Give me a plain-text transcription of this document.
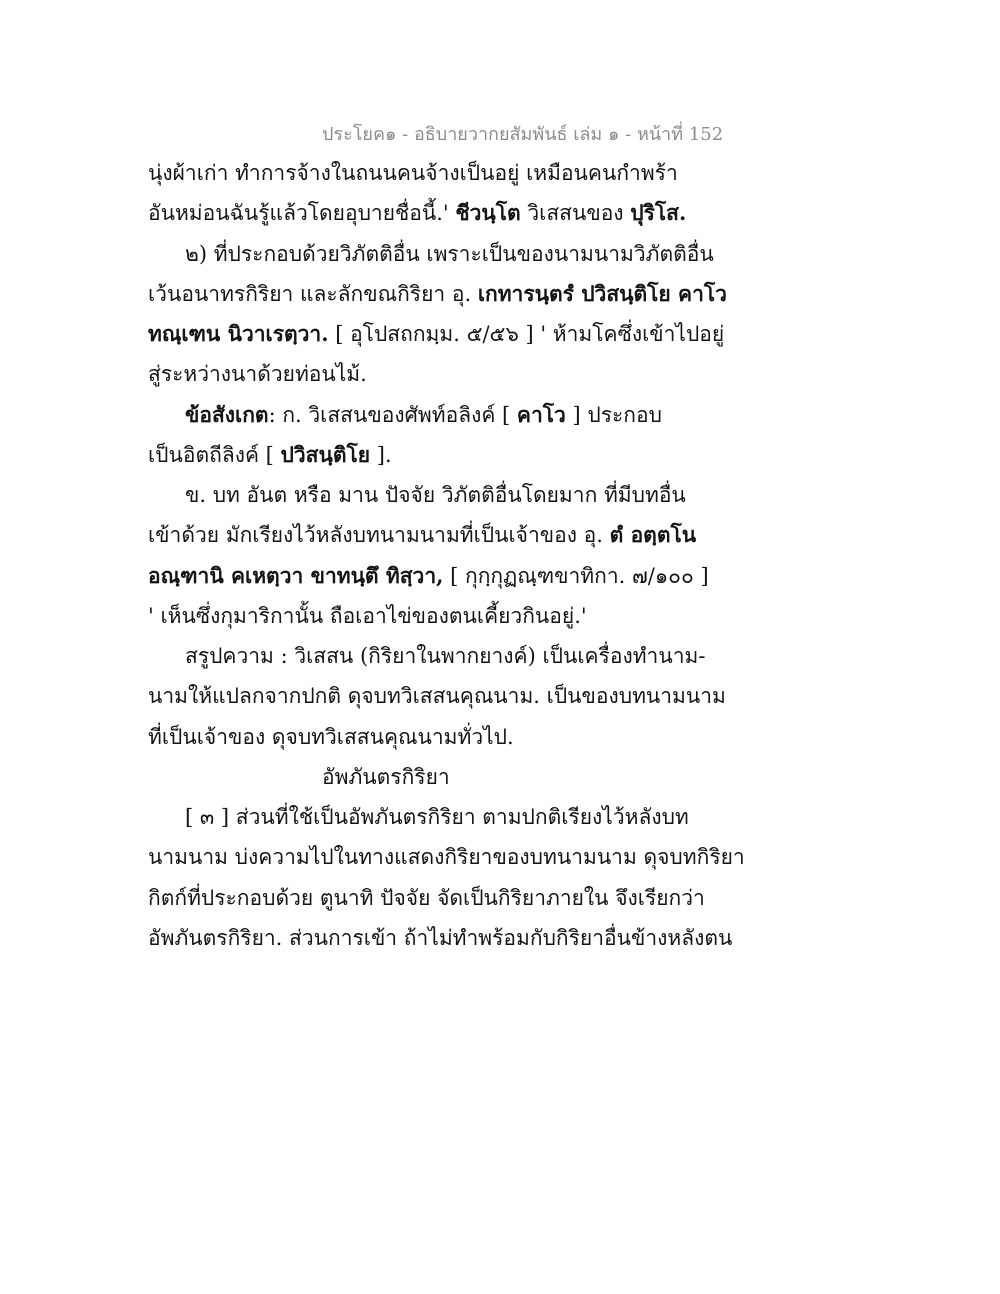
ประโยค๑ - อธิบายวากยสัมพันธ์ เล่ม ๑ - หน้าที่ 152
นุ่งผ้าเก่า ทำการจ้างในถนนคนจ้างเป็นอยู่ เหมือนคนกำพร้า
อันหม่อนฉันรู้แล้วโดยอุบายชื่อนี้.' ชีวนฺโต วิเสสนของ ปุริโส.
๒) ที่ประกอบด้วยวิภัตติอื่น เพราะเป็นของนามนามวิภัตติอื่น
เว้นอนาทรกิริยา และลักขณกิริยา อุ. เกทารนฺตรํ ปวิสนฺติโย คาโว
ทณฺเฑน นิวาเรตฺวา. [ อุโปสถกมฺม. ๕/๕๖ ] ' ห้ามโคซึ่งเข้าไปอยู่
สู่ระหว่างนาด้วยท่อนไม้.
ข้อสังเกต: ก. วิเสสนของศัพท์อลิงค์ [ คาโว ] ประกอบ
เป็นอิตถีลิงค์ [ ปวิสนฺติโย ].
ข. บท อันต หรือ มาน ปัจจัย วิภัตติอื่นโดยมาก ที่มีบทอื่น
เข้าด้วย มักเรียงไว้หลังบทนามนามที่เป็นเจ้าของ อุ. ตํ อตฺตโน
อณฺฑานิ คเหตฺวา ขาทนฺตึ ทิสฺวา, [ กุกฺกุฏณฺฑขาทิกา. ๗/๑๐๐ ]
' เห็นซึ่งกุมาริกานั้น ถือเอาไข่ของตนเคี้ยวกินอยู่.'
สรูปความ : วิเสสน (กิริยาในพากยางค์) เป็นเครื่องทำนาม-
นามให้แปลกจากปกติ ดุจบทวิเสสนคุณนาม. เป็นของบทนามนาม
ที่เป็นเจ้าของ ดุจบทวิเสสนคุณนามทั่วไป.
อัพภันตรกิริยา
[ ๓ ] ส่วนที่ใช้เป็นอัพภันตรกิริยา ตามปกติเรียงไว้หลังบท
นามนาม บ่งความไปในทางแสดงกิริยาของบทนามนาม ดุจบทกิริยา
กิตก์ที่ประกอบด้วย ตูนาทิ ปัจจัย จัดเป็นกิริยาภายใน จึงเรียกว่า
อัพภันตรกิริยา. ส่วนการเข้า ถ้าไม่ทำพร้อมกับกิริยาอื่นข้างหลังตน
